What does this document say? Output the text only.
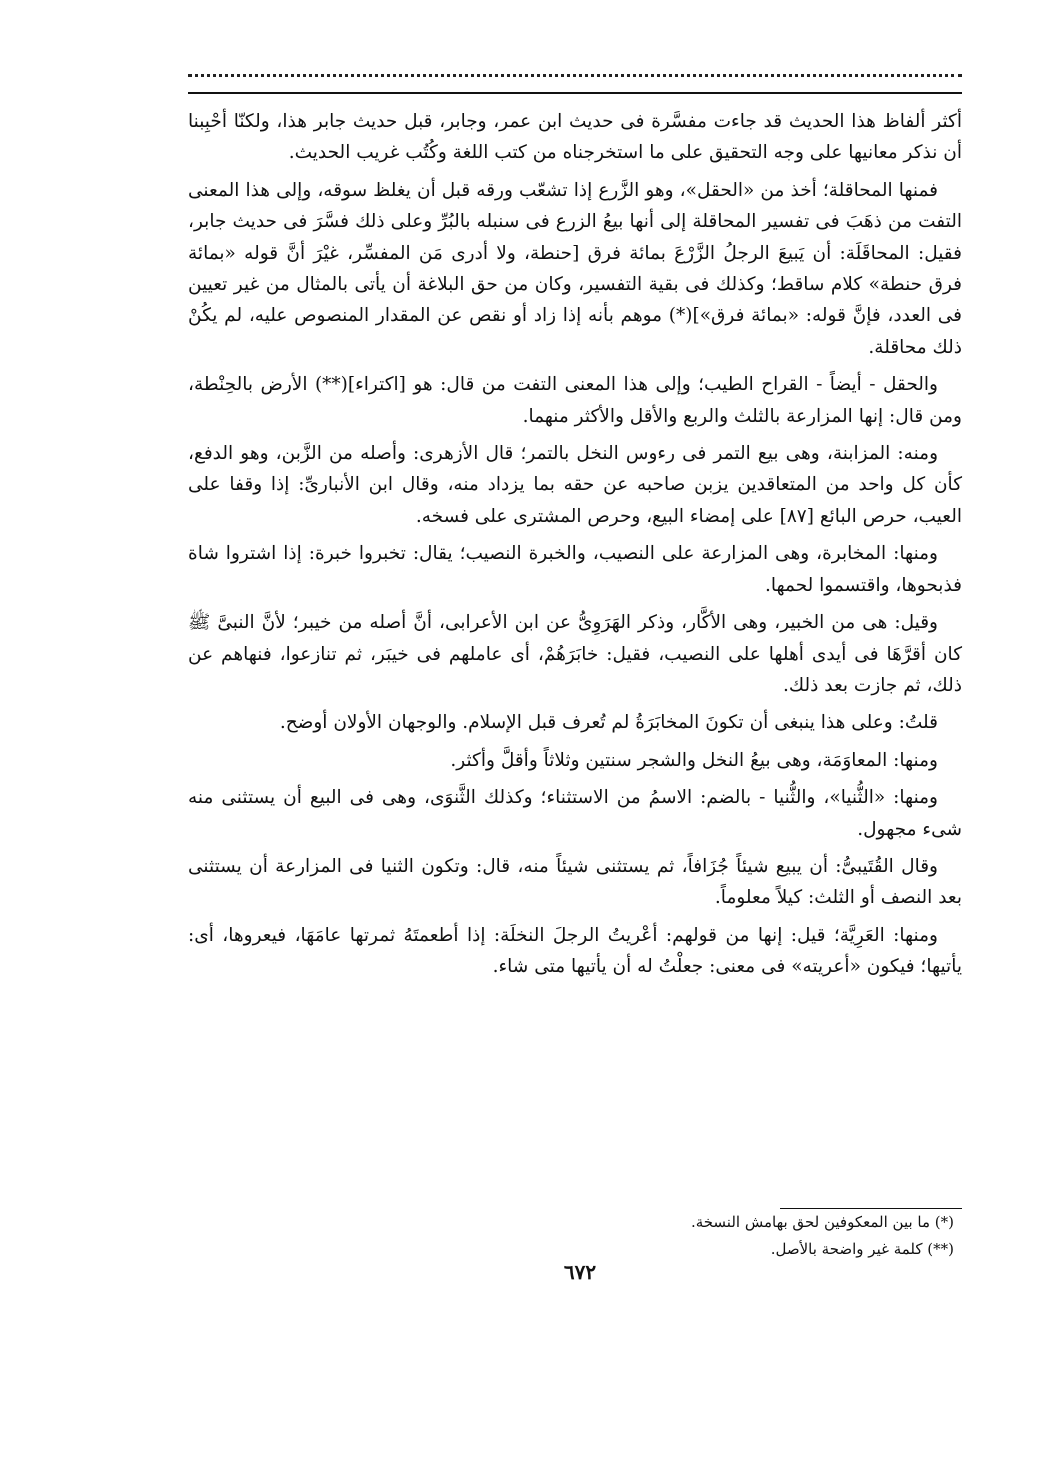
أكثر ألفاظ هذا الحديث قد جاءت مفسَّرة فى حديث ابن عمر، وجابر، قبل حديث جابر هذا، ولكنّا أحْبِبنا أن نذكر معانيها على وجه التحقيق على ما استخرجناه من كتب اللغة وكُتُب غريب الحديث.

فمنها المحاقلة؛ أخذ من «الحقل»، وهو الزَّرع إذا تشعّب ورقه قبل أن يغلظ سوقه، وإلى هذا المعنى التفت من ذهَبَ فى تفسير المحاقلة إلى أنها بيعُ الزرع فى سنبله بالبُرِّ وعلى ذلك فسَّرَ فى حديث جابر، فقيل: المحاقَلَة: أن يَبيعَ الرجلُ الزَّرْعَ بمائة فرق [حنطة، ولا أدرى مَن المفسِّر، غيْرَ أنَّ قوله «بمائة فرق حنطة» كلام ساقط؛ وكذلك فى بقية التفسير، وكان من حق البلاغة أن يأتى بالمثال من غير تعيين فى العدد، فإنَّ قوله: «بمائة فرق»](*) موهم بأنه إذا زاد أو نقص عن المقدار المنصوص عليه، لم يكُنْ ذلك محاقلة.

والحقل - أيضاً - القراح الطيب؛ وإلى هذا المعنى التفت من قال: هو [اكتراء](**) الأرض بالحِنْطة، ومن قال: إنها المزارعة بالثلث والربع والأقل والأكثر منهما.

ومنه: المزابنة، وهى بيع التمر فى رءوس النخل بالتمر؛ قال الأزهرى: وأصله من الزَّبن، وهو الدفع، كأن كل واحد من المتعاقدين يزبن صاحبه عن حقه بما يزداد منه، وقال ابن الأنبارىِّ: إذا وقفا على العيب، حرص البائع [٨٧] على إمضاء البيع، وحرص المشترى على فسخه.

ومنها: المخابرة، وهى المزارعة على النصيب، والخبرة النصيب؛ يقال: تخبروا خبرة: إذا اشتروا شاة فذبحوها، واقتسموا لحمها.

وقيل: هى من الخبير، وهى الأكَّار، وذكر الهَرَوِىُّ عن ابن الأعرابى، أنَّ أصله من خيبر؛ لأنَّ النبىَّ ﷺ كان أقرَّهَا فى أيدى أهلها على النصيب، فقيل: خابَرَهُمْ، أى عاملهم فى خيبَر، ثم تنازعوا، فنهاهم عن ذلك، ثم جازت بعد ذلك.

قلتُ: وعلى هذا ينبغى أن تكونَ المخابَرَةُ لم تُعرف قبل الإسلام. والوجهان الأولان أوضح.

ومنها: المعاوَمَة، وهى بيعُ النخل والشجر سنتين وثلاثاً وأقلَّ وأكثر.

ومنها: «الثُّنيا»، والثُّنيا - بالضم: الاسمُ من الاستثناء؛ وكذلك الثَّنوَى، وهى فى البيع أن يستثنى منه شىء مجهول.

وقال القُتَيبىُّ: أن يبيع شيئاً جُزَافاً، ثم يستثنى شيئاً منه، قال: وتكون الثنيا فى المزارعة أن يستثنى بعد النصف أو الثلث: كيلاً معلوماً.

ومنها: العَرِيَّة؛ قيل: إنها من قولهم: أعْريتُ الرجلَ النخلَة: إذا أطعمتَهُ ثمرتها عامَهَا، فيعروها، أى: يأتيها؛ فيكون «أعريته» فى معنى: جعلْتُ له أن يأتيها متى شاء.

(*) ما بين المعكوفين لحق بهامش النسخة.

(**) كلمة غير واضحة بالأصل.

٦٧٢
